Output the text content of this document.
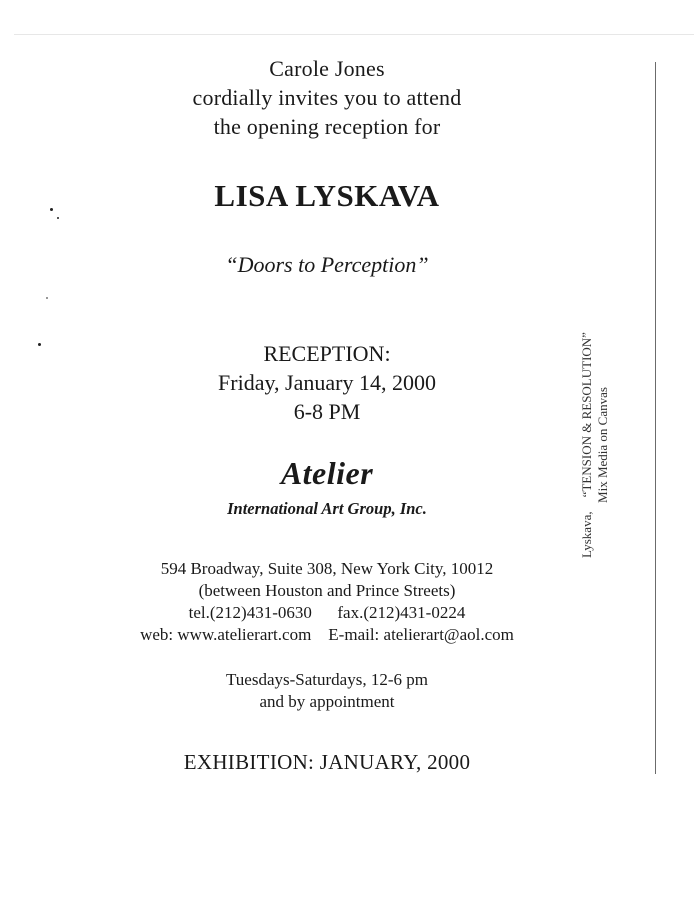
Carole Jones
cordially invites you to attend
the opening reception for
LISA LYSKAVA
“Doors to Perception”
RECEPTION:
Friday, January 14, 2000
6-8 PM
Atelier
International Art Group, Inc.
594 Broadway, Suite 308, New York City, 10012
(between Houston and Prince Streets)
tel.(212)431-0630      fax.(212)431-0224
web: www.atelierart.com    E-mail: atelierart@aol.com
Tuesdays-Saturdays, 12-6 pm
and by appointment
EXHIBITION: JANUARY, 2000
Lyskava,“TENSION & RESOLUTION” Mix Media on Canvas
